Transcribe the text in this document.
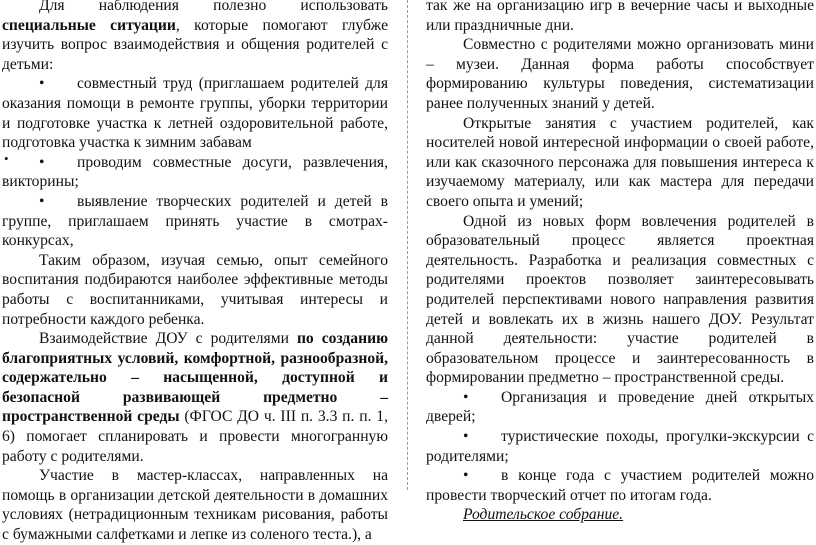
Для наблюдения полезно использовать специальные ситуации, которые помогают глубже изучить вопрос взаимодействия и общения родителей с детьми:

• совместный труд (приглашаем родителей для оказания помощи в ремонте группы, уборки территории и подготовке участка к летней оздоровительной работе, подготовка участка к зимним забавам

• проводим совместные досуги, развлечения, викторины;

• выявление творческих родителей и детей в группе, приглашаем принять участие в смотрах-конкурсах,

Таким образом, изучая семью, опыт семейного воспитания подбираются наиболее эффективные методы работы с воспитанниками, учитывая интересы и потребности каждого ребенка.

Взаимодействие ДОУ с родителями по созданию благоприятных условий, комфортной, разнообразной, содержательно – насыщенной, доступной и безопасной развивающей предметно – пространственной среды (ФГОС ДО ч. III п. 3.3 п. п. 1, 6) помогает спланировать и провести многогранную работу с родителями.

Участие в мастер-классах, направленных на помощь в организации детской деятельности в домашних условиях (нетрадиционным техникам рисования, работы с бумажными салфетками и лепке из соленого теста.), а

•

так же на организацию игр в вечерние часы и выходные или праздничные дни.

Совместно с родителями можно организовать мини – музеи. Данная форма работы способствует формированию культуры поведения, систематизации ранее полученных знаний у детей.

Открытые занятия с участием родителей, как носителей новой интересной информации о своей работе, или как сказочного персонажа для повышения интереса к изучаемому материалу, или как мастера для передачи своего опыта и умений;

Одной из новых форм вовлечения родителей в образовательный процесс является проектная деятельность. Разработка и реализация совместных с родителями проектов позволяет заинтересовывать родителей перспективами нового направления развития детей и вовлекать их в жизнь нашего ДОУ. Результат данной деятельности: участие родителей в образовательном процессе и заинтересованность в формировании предметно – пространственной среды.

• Организация и проведение дней открытых дверей;

• туристические походы, прогулки-экскурсии с родителями;

• в конце года с участием родителей можно провести творческий отчет по итогам года.

Родительское собрание.
